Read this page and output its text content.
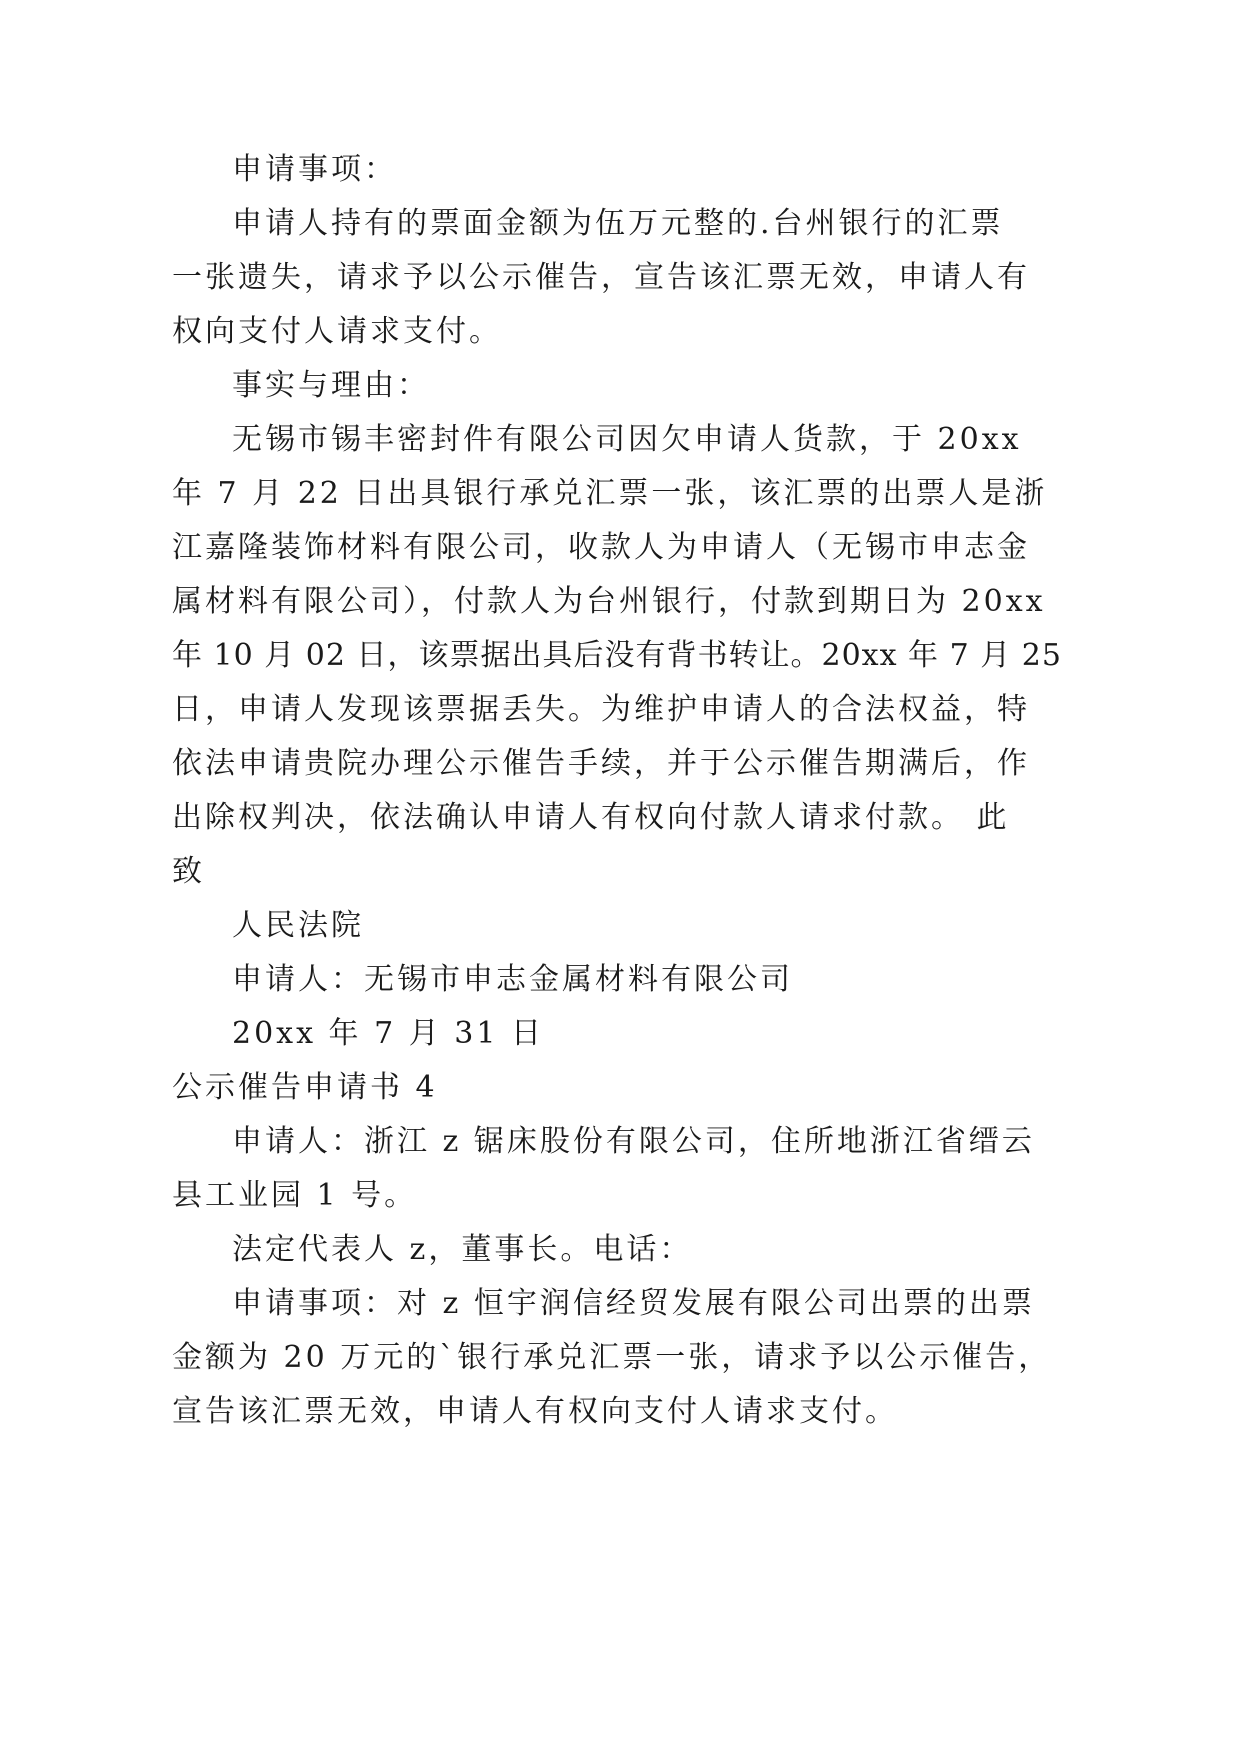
申请事项：
申请人持有的票面金额为伍万元整的.台州银行的汇票
一张遗失，请求予以公示催告，宣告该汇票无效，申请人有
权向支付人请求支付。
事实与理由：
无锡市锡丰密封件有限公司因欠申请人货款，于 20xx
年 7 月 22 日出具银行承兑汇票一张，该汇票的出票人是浙
江嘉隆装饰材料有限公司，收款人为申请人（无锡市申志金
属材料有限公司），付款人为台州银行，付款到期日为 20xx
年 10 月 02 日，该票据出具后没有背书转让。20xx 年 7 月 25
日，申请人发现该票据丢失。为维护申请人的合法权益，特
依法申请贵院办理公示催告手续，并于公示催告期满后，作
出除权判决，依法确认申请人有权向付款人请求付款。 此
致
人民法院
申请人：无锡市申志金属材料有限公司
20xx 年 7 月 31 日
公示催告申请书 4
申请人：浙江 z 锯床股份有限公司，住所地浙江省缙云
县工业园 1 号。
法定代表人 z，董事长。电话：
申请事项：对 z 恒宇润信经贸发展有限公司出票的出票
金额为 20 万元的`银行承兑汇票一张，请求予以公示催告，
宣告该汇票无效，申请人有权向支付人请求支付。
